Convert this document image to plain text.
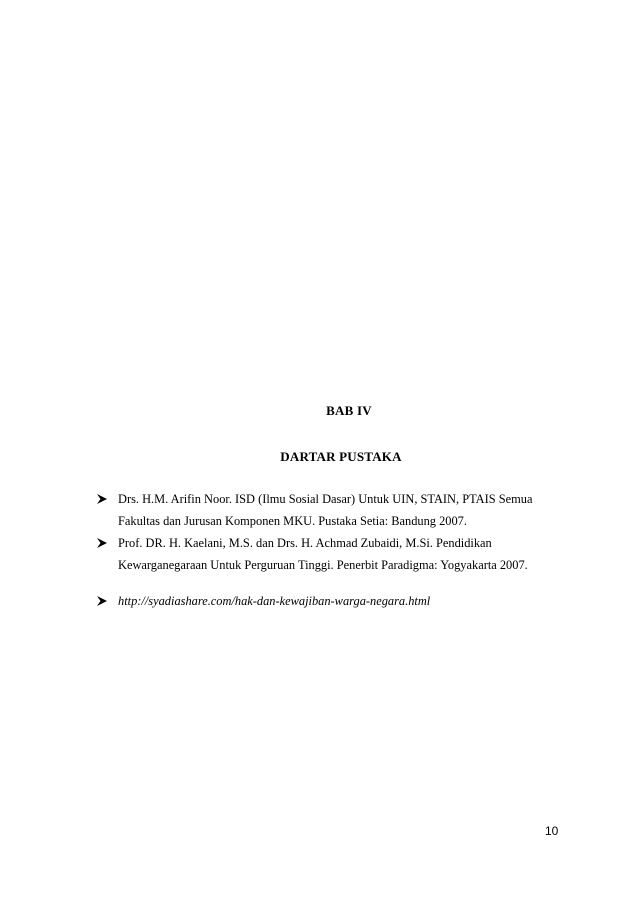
BAB IV
DARTAR PUSTAKA
Drs. H.M. Arifin Noor. ISD (Ilmu Sosial Dasar) Untuk UIN, STAIN, PTAIS Semua
Fakultas dan Jurusan Komponen MKU. Pustaka Setia: Bandung 2007.
Prof. DR. H. Kaelani, M.S. dan Drs. H. Achmad Zubaidi, M.Si. Pendidikan
Kewarganegaraan Untuk Perguruan Tinggi. Penerbit Paradigma: Yogyakarta 2007.
http://syadiashare.com/hak-dan-kewajiban-warga-negara.html
10
